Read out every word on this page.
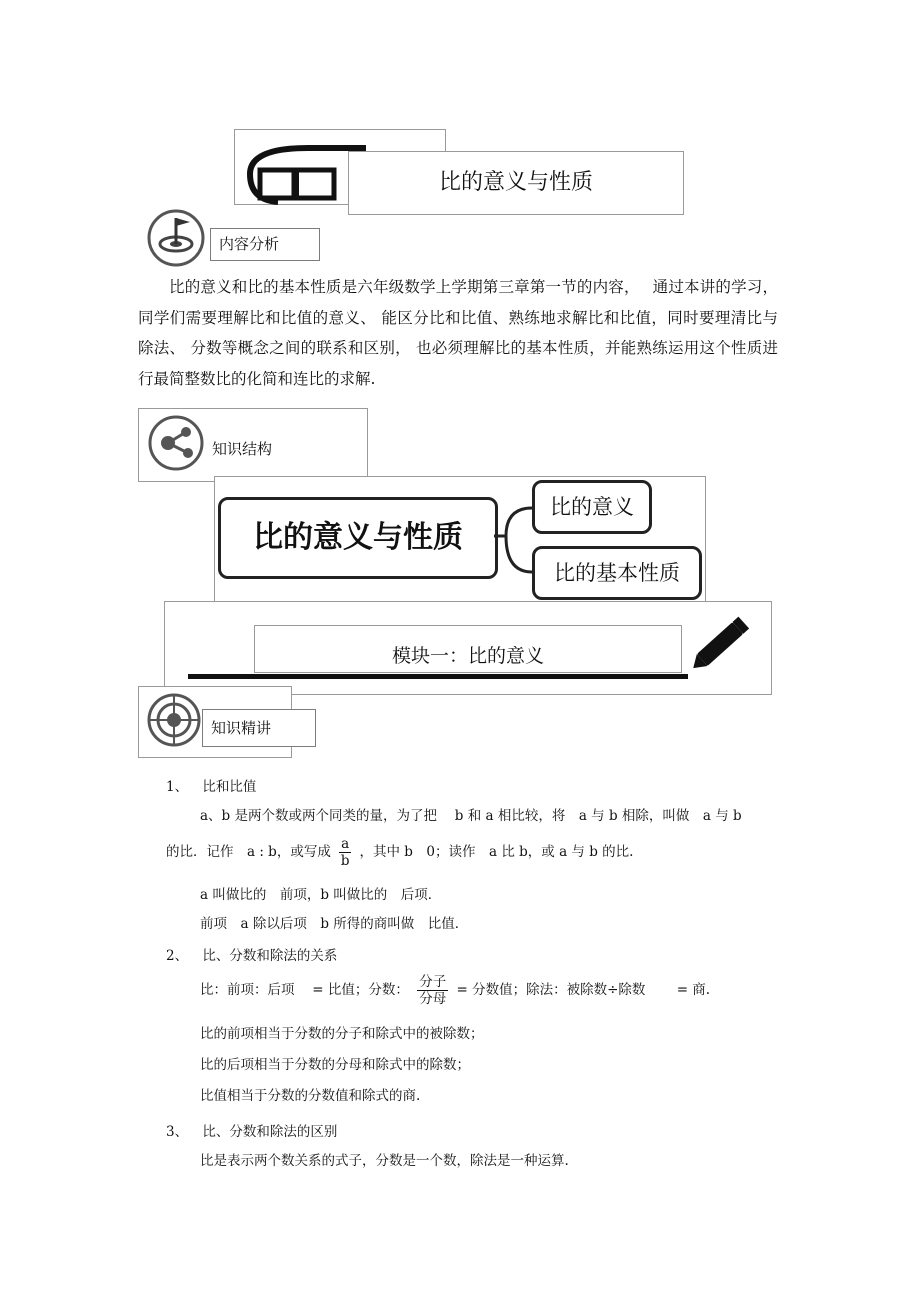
比的意义与性质
内容分析
比的意义和比的基本性质是六年级数学上学期第三章第一节的内容，　 通过本讲的学习，同学们需要理解比和比值的意义、 能区分比和比值、熟练地求解比和比值，同时要理清比与除法、 分数等概念之间的联系和区别， 也必须理解比的基本性质，并能熟练运用这个性质进行最简整数比的化简和连比的求解.
知识结构
比的意义与性质
比的意义
比的基本性质
模块一：比的意义
知识精讲
1、 比和比值
a、b 是两个数或两个同类的量，为了把　 b 和 a 相比较，将　a 与 b 相除，叫做　a 与 b
的比．记作　a : b，或写成 $\frac{a}{b}$ ，其中 b　0；读作　a 比 b，或 a 与 b 的比.
a 叫做比的　前项，b 叫做比的　后项．
前项　a 除以后项　b 所得的商叫做　比值．
2、 比、分数和除法的关系
比：前项：后项　 = 比值；分数： $\frac{\text{分子}}{\text{分母}}$ = 分数值；除法：被除数÷除数　　 = 商.
比的前项相当于分数的分子和除式中的被除数；
比的后项相当于分数的分母和除式中的除数；
比值相当于分数的分数值和除式的商.
3、 比、分数和除法的区别
比是表示两个数关系的式子，分数是一个数，除法是一种运算.
